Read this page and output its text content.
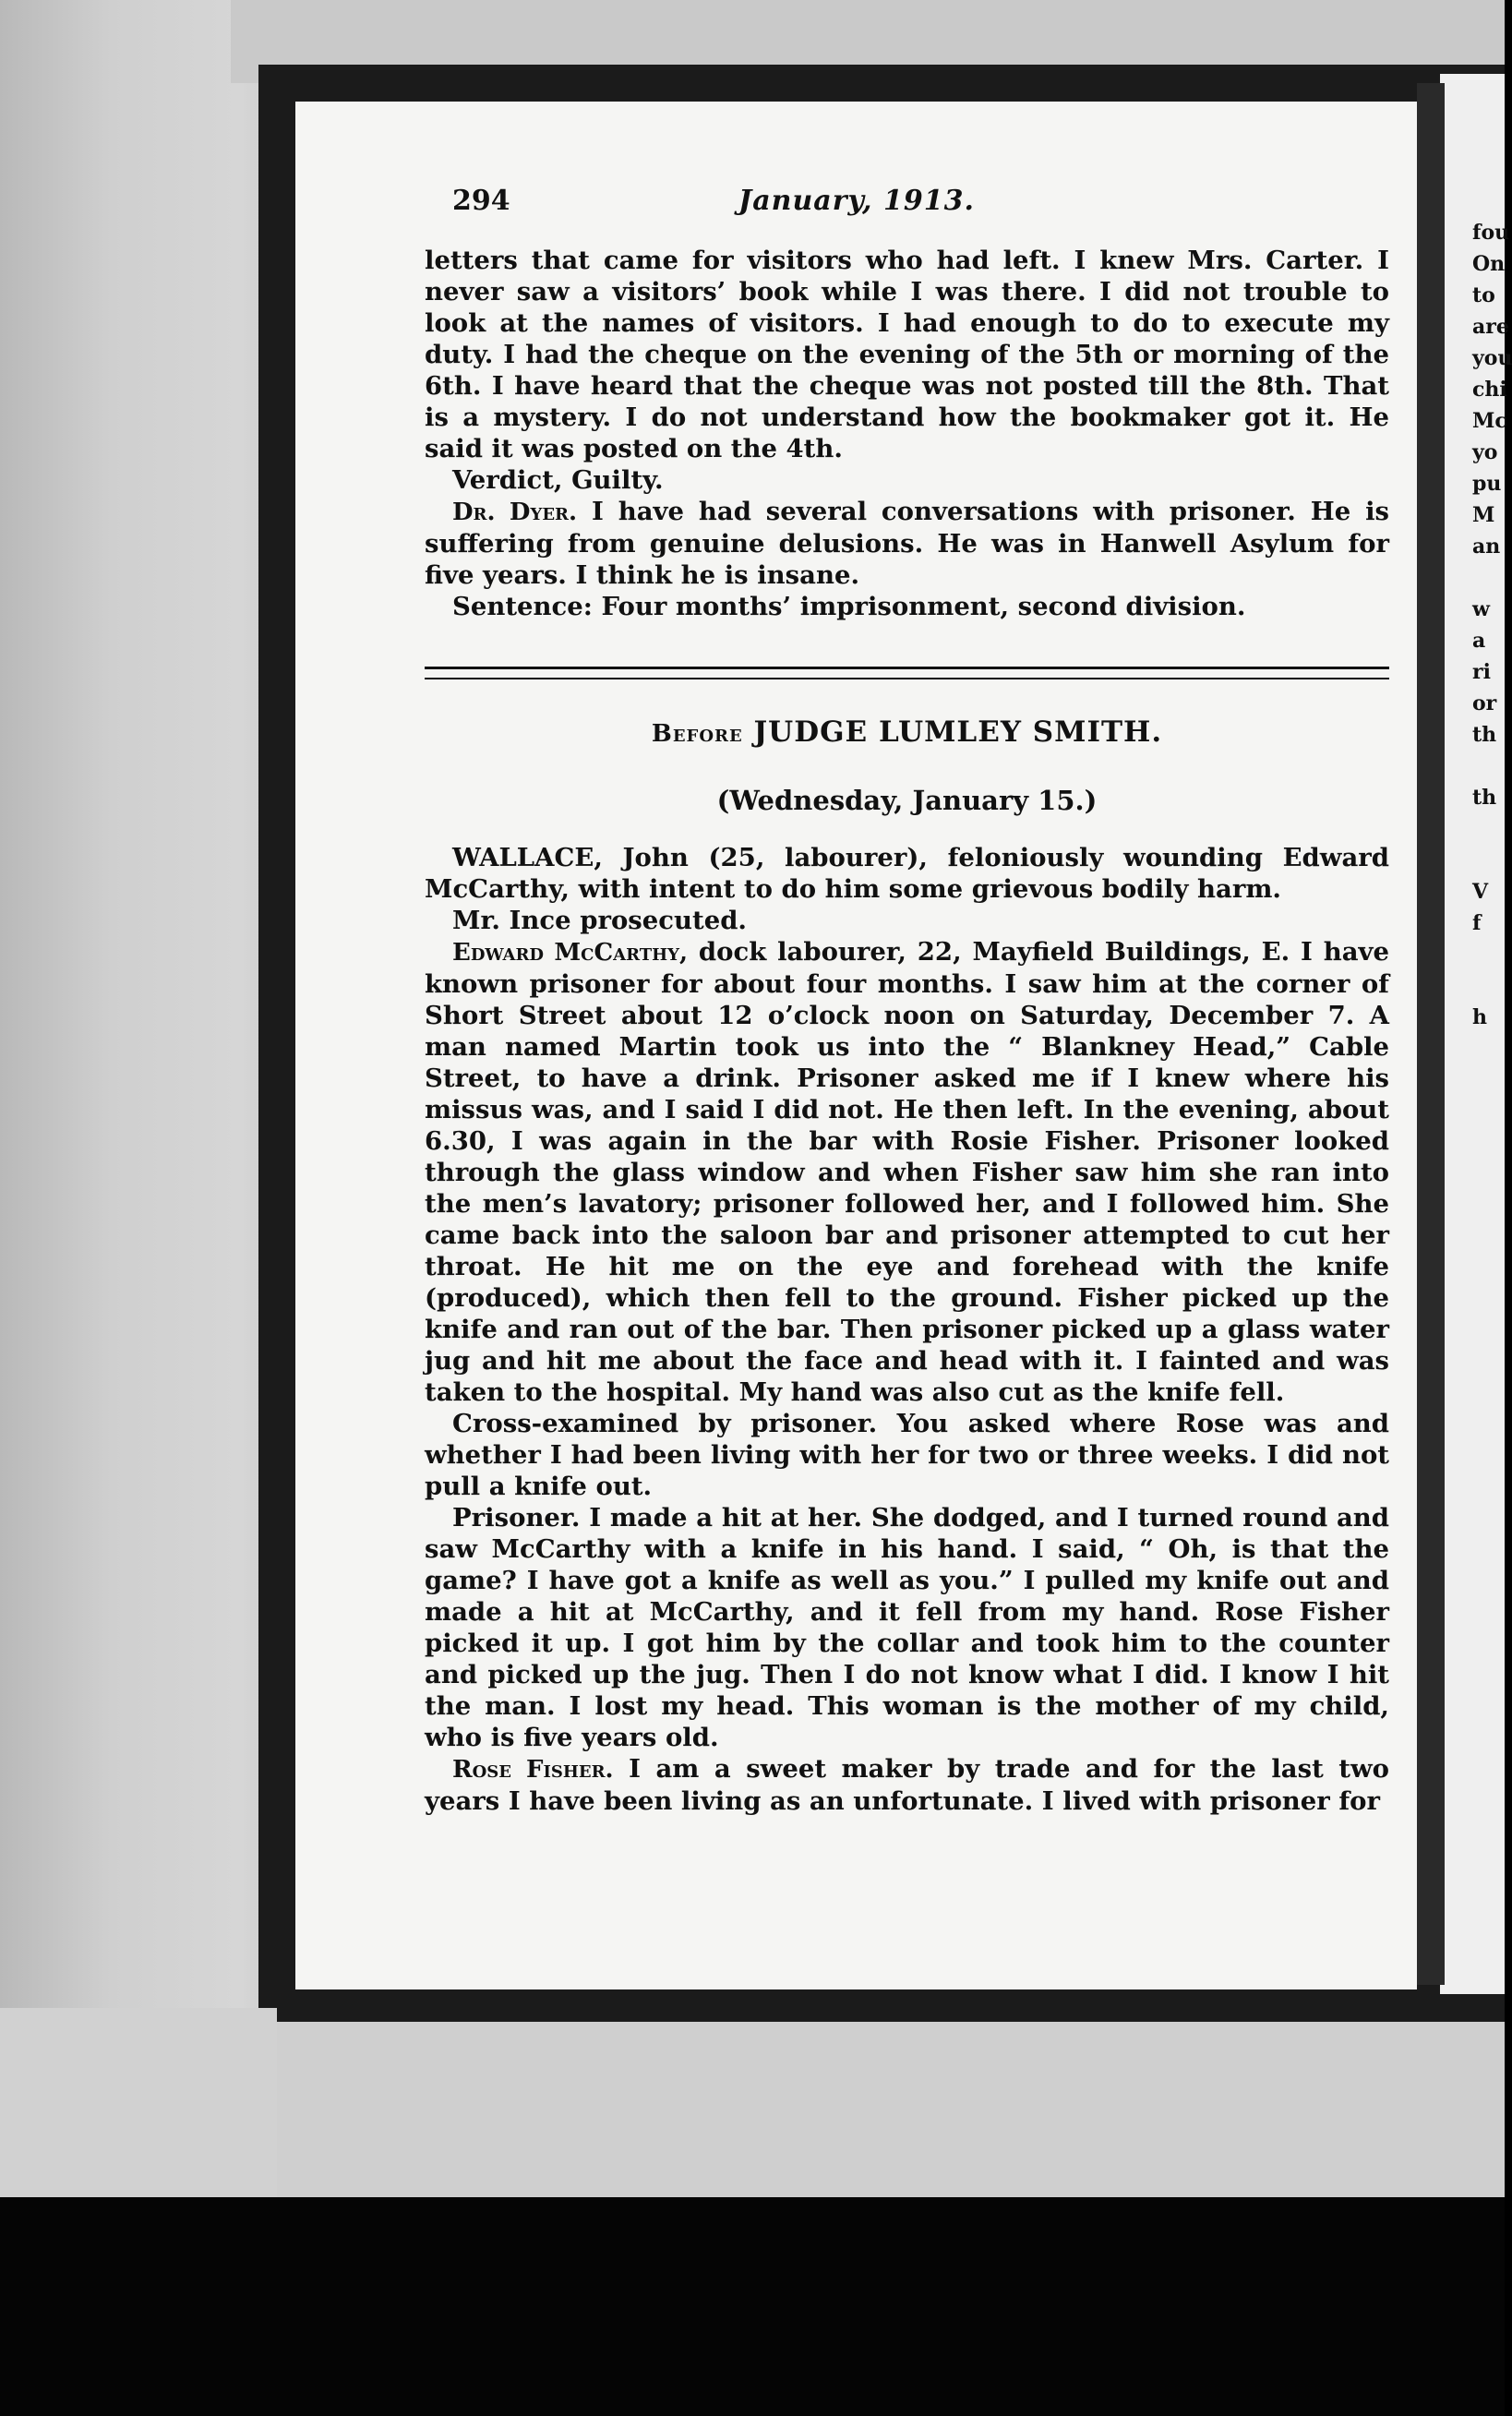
fou
On
to
are
you
chi
Mc
yo
pu
M
an

w
a
ri
or
th

th

V
f

h

294	January, 1913.

letters that came for visitors who had left. I knew Mrs. Carter. I never saw a visitors’ book while I was there. I did not trouble to look at the names of visitors. I had enough to do to execute my duty. I had the cheque on the evening of the 5th or morning of the 6th. I have heard that the cheque was not posted till the 8th. That is a mystery. I do not understand how the bookmaker got it. He said it was posted on the 4th.

Verdict, Guilty.

Dr. Dyer. I have had several conversations with prisoner. He is suffering from genuine delusions. He was in Hanwell Asylum for five years. I think he is insane.

Sentence: Four months’ imprisonment, second division.

Before JUDGE LUMLEY SMITH.
(Wednesday, January 15.)

WALLACE, John (25, labourer), feloniously wounding Edward McCarthy, with intent to do him some grievous bodily harm.

Mr. Ince prosecuted.

Edward McCarthy, dock labourer, 22, Mayfield Buildings, E. I have known prisoner for about four months. I saw him at the corner of Short Street about 12 o’clock noon on Saturday, December 7. A man named Martin took us into the “ Blankney Head,” Cable Street, to have a drink. Prisoner asked me if I knew where his missus was, and I said I did not. He then left. In the evening, about 6.30, I was again in the bar with Rosie Fisher. Prisoner looked through the glass window and when Fisher saw him she ran into the men’s lavatory; prisoner followed her, and I followed him. She came back into the saloon bar and prisoner attempted to cut her throat. He hit me on the eye and forehead with the knife (produced), which then fell to the ground. Fisher picked up the knife and ran out of the bar. Then prisoner picked up a glass water jug and hit me about the face and head with it. I fainted and was taken to the hospital. My hand was also cut as the knife fell.

Cross-examined by prisoner. You asked where Rose was and whether I had been living with her for two or three weeks. I did not pull a knife out.

Prisoner. I made a hit at her. She dodged, and I turned round and saw McCarthy with a knife in his hand. I said, “ Oh, is that the game? I have got a knife as well as you.” I pulled my knife out and made a hit at McCarthy, and it fell from my hand. Rose Fisher picked it up. I got him by the collar and took him to the counter and picked up the jug. Then I do not know what I did. I know I hit the man. I lost my head. This woman is the mother of my child, who is five years old.

Rose Fisher. I am a sweet maker by trade and for the last two years I have been living as an unfortunate. I lived with prisoner for
